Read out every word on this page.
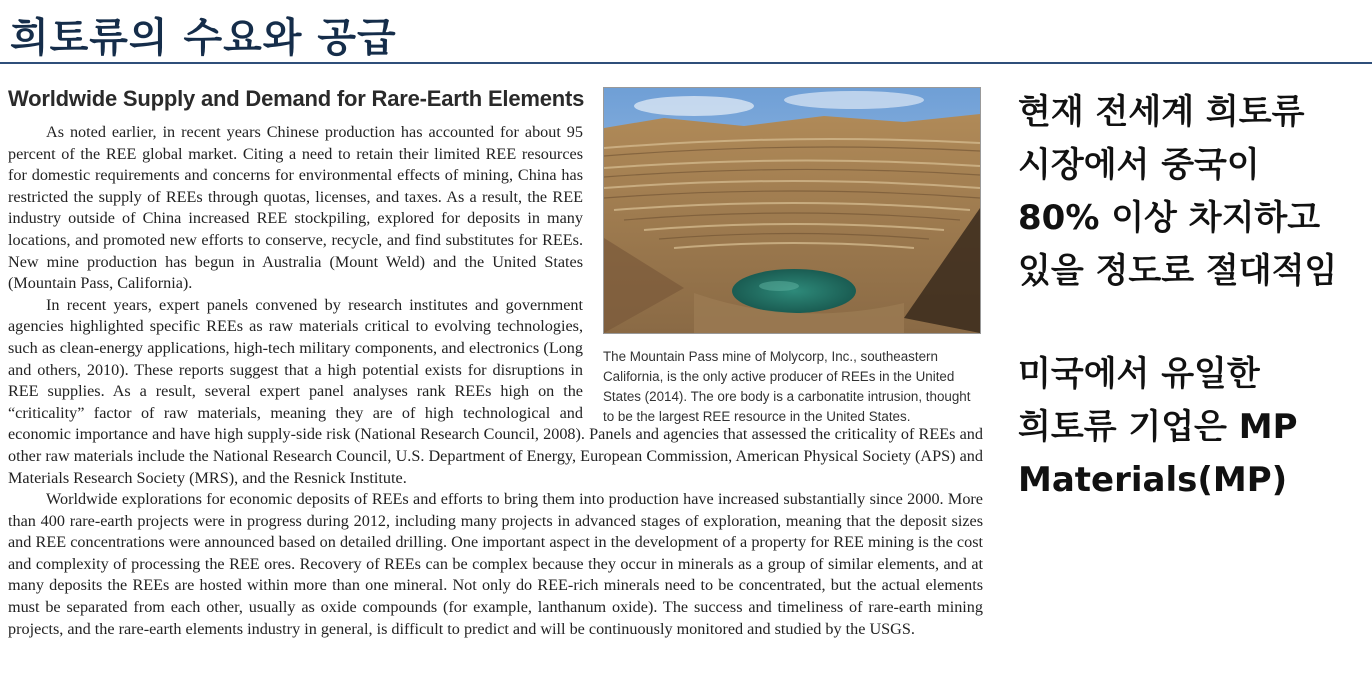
희토류의 수요와 공급
Worldwide Supply and Demand for Rare-Earth Elements
The Mountain Pass mine of Molycorp, Inc., southeastern California, is the only active producer of REEs in the United States (2014). The ore body is a carbonatite intrusion, thought to be the largest REE resource in the United States.

As noted earlier, in recent years Chinese production has accounted for about 95 percent of the REE global market. Citing a need to retain their limited REE resources for domestic requirements and concerns for environmental effects of mining, China has restricted the supply of REEs through quotas, licenses, and taxes. As a result, the REE industry outside of China increased REE stockpiling, explored for deposits in many locations, and promoted new efforts to conserve, recycle, and find substitutes for REEs. New mine production has begun in Australia (Mount Weld) and the United States (Mountain Pass, California).

In recent years, expert panels convened by research institutes and government agencies highlighted specific REEs as raw materials critical to evolving technologies, such as clean-energy applications, high-tech military components, and electronics (Long and others, 2010). These reports suggest that a high potential exists for disruptions in REE supplies. As a result, several expert panel analyses rank REEs high on the “criticality” factor of raw materials, meaning they are of high technological and economic importance and have high supply-side risk (National Research Council, 2008). Panels and agencies that assessed the criticality of REEs and other raw materials include the National Research Council, U.S. Department of Energy, European Commission, American Physical Society (APS) and Materials Research Society (MRS), and the Resnick Institute.

Worldwide explorations for economic deposits of REEs and efforts to bring them into production have increased substantially since 2000. More than 400 rare-earth projects were in progress during 2012, including many projects in advanced stages of exploration, meaning that the deposit sizes and REE concentrations were announced based on detailed drilling. One important aspect in the development of a property for REE mining is the cost and complexity of processing the REE ores. Recovery of REEs can be complex because they occur in minerals as a group of similar elements, and at many deposits the REEs are hosted within more than one mineral. Not only do REE-rich minerals need to be concentrated, but the actual elements must be separated from each other, usually as oxide compounds (for example, lanthanum oxide). The success and timeliness of rare-earth mining projects, and the rare-earth elements industry in general, is difficult to predict and will be continuously monitored and studied by the USGS.

현재 전세계 희토류
시장에서 중국이
80% 이상 차지하고
있을 정도로 절대적임
미국에서 유일한
희토류 기업은 MP
Materials(MP)
